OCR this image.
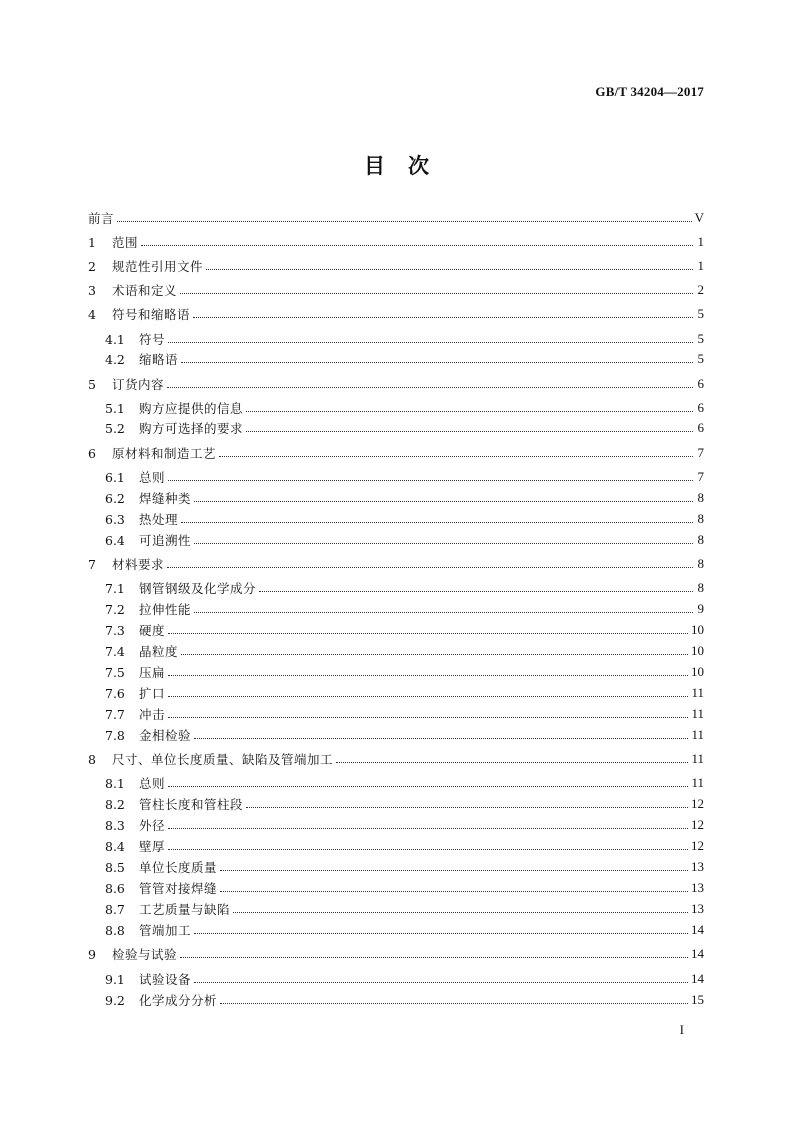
GB/T 34204—2017
目　次
前言	V
1	范围	1
2	规范性引用文件	1
3	术语和定义	2
4	符号和缩略语	5
4.1	符号	5
4.2	缩略语	5
5	订货内容	6
5.1	购方应提供的信息	6
5.2	购方可选择的要求	6
6	原材料和制造工艺	7
6.1	总则	7
6.2	焊缝种类	8
6.3	热处理	8
6.4	可追溯性	8
7	材料要求	8
7.1	钢管钢级及化学成分	8
7.2	拉伸性能	9
7.3	硬度	10
7.4	晶粒度	10
7.5	压扁	10
7.6	扩口	11
7.7	冲击	11
7.8	金相检验	11
8	尺寸、单位长度质量、缺陷及管端加工	11
8.1	总则	11
8.2	管柱长度和管柱段	12
8.3	外径	12
8.4	壁厚	12
8.5	单位长度质量	13
8.6	管管对接焊缝	13
8.7	工艺质量与缺陷	13
8.8	管端加工	14
9	检验与试验	14
9.1	试验设备	14
9.2	化学成分分析	15
I
